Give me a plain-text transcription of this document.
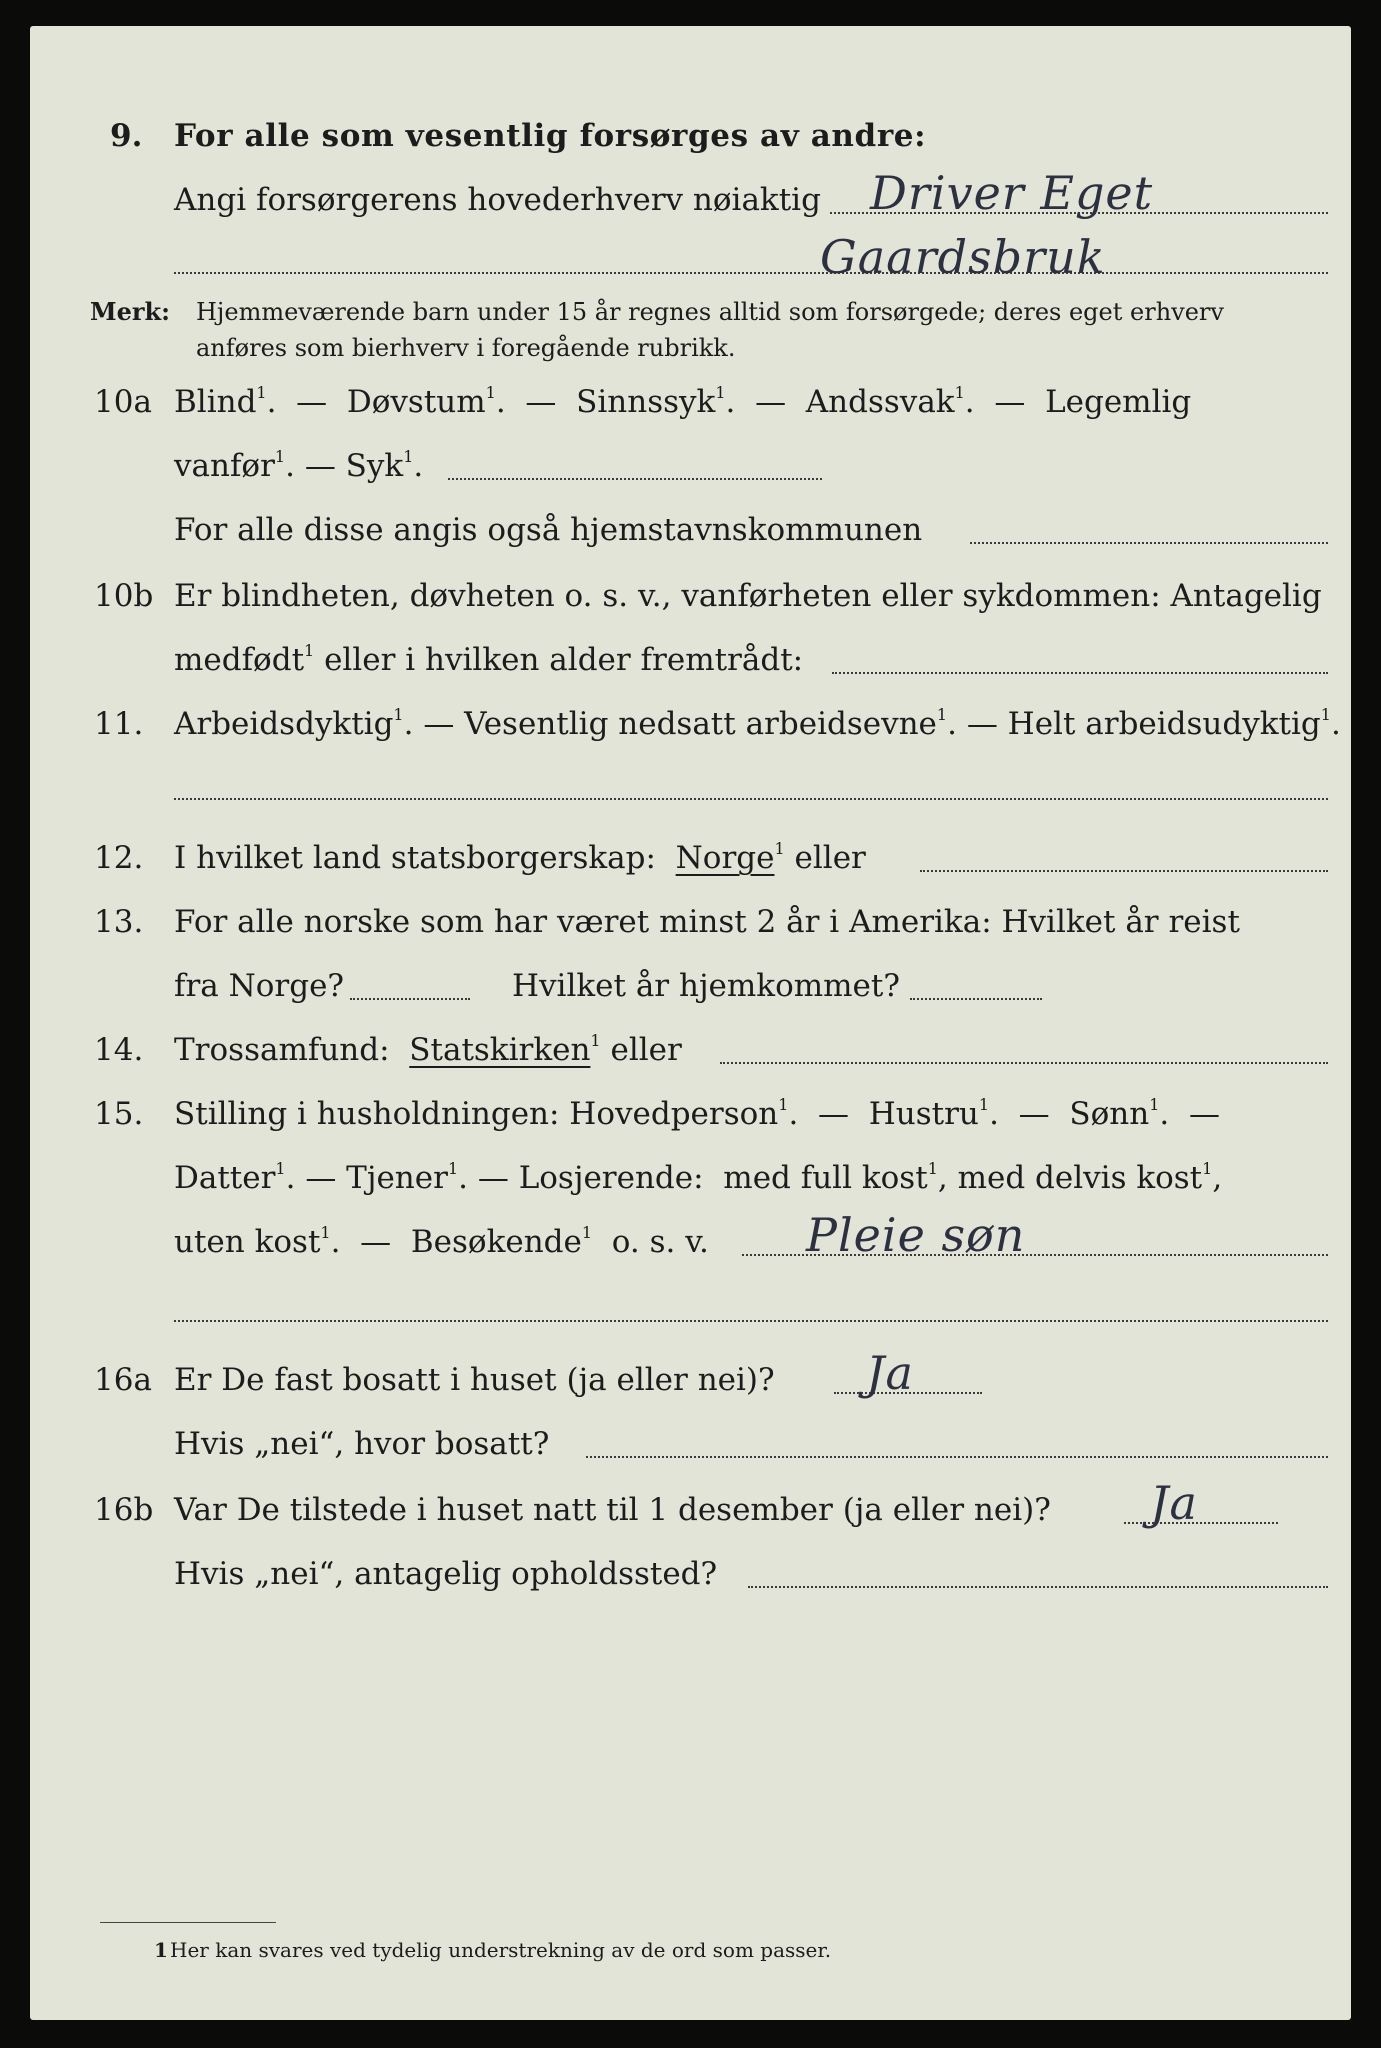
9. For alle som vesentlig forsørges av andre:
Angi forsørgerens hovederhverv nøiaktig Driver Eget
Gaardsbruk
Merk: Hjemmeværende barn under 15 år regnes alltid som forsørgede; deres eget erhverv
anføres som bierhverv i foregående rubrikk.
10a Blind$^1$.  —  Døvstum$^1$.  —  Sinnssyk$^1$.  —  Andssvak$^1$.  —  Legemlig
vanfør$^1$. — Syk$^1$.
For alle disse angis også hjemstavnskommunen
10b Er blindheten, døvheten o. s. v., vanførheten eller sykdommen: Antagelig
medfødt$^1$ eller i hvilken alder fremtrådt:
11. Arbeidsdyktig$^1$. — Vesentlig nedsatt arbeidsevne$^1$. — Helt arbeidsudyktig$^1$.
12. I hvilket land statsborgerskap: Norge$^1$ eller
13. For alle norske som har været minst 2 år i Amerika: Hvilket år reist
fra Norge?	Hvilket år hjemkommet?
14. Trossamfund: Statskirken$^1$ eller
15. Stilling i husholdningen: Hovedperson$^1$.  —  Hustru$^1$.  —  Sønn$^1$.  —
Datter$^1$. — Tjener$^1$. — Losjerende: med full kost$^1$, med delvis kost$^1$,
uten kost$^1$.  —  Besøkende$^1$ o. s. v. Pleie søn
16a Er De fast bosatt i huset (ja eller nei)? Ja
Hvis „nei“, hvor bosatt?
16b Var De tilstede i huset natt til 1 desember (ja eller nei)? Ja
Hvis „nei“, antagelig opholdssted?
1 Her kan svares ved tydelig understrekning av de ord som passer.
